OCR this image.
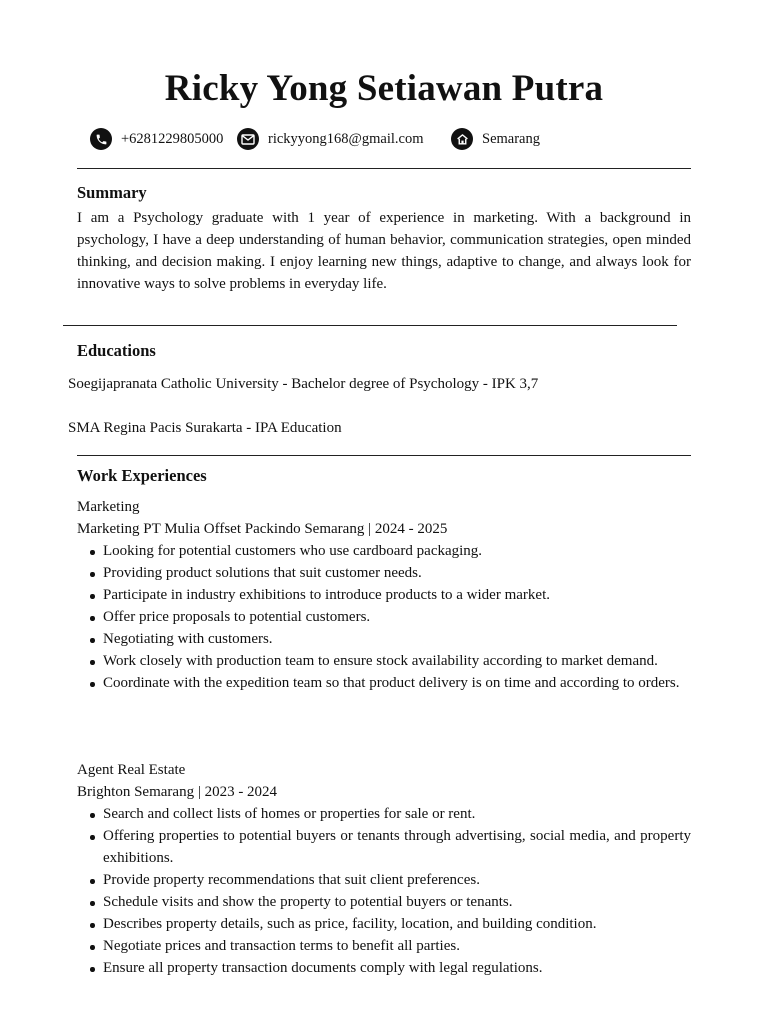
Ricky Yong Setiawan Putra
+6281229805000	rickyyong168@gmail.com	Semarang
Summary
I am a Psychology graduate with 1 year of experience in marketing. With a background in psychology, I have a deep understanding of human behavior, communication strategies, open minded thinking, and decision making. I enjoy learning new things, adaptive to change, and always look for innovative ways to solve problems in everyday life.
Educations
Soegijapranata Catholic University - Bachelor degree of Psychology - IPK 3,7
SMA Regina Pacis Surakarta - IPA Education
Work Experiences
Marketing
Marketing PT Mulia Offset Packindo Semarang | 2024 - 2025
Looking for potential customers who use cardboard packaging.
Providing product solutions that suit customer needs.
Participate in industry exhibitions to introduce products to a wider market.
Offer price proposals to potential customers.
Negotiating with customers.
Work closely with production team to ensure stock availability according to market demand.
Coordinate with the expedition team so that product delivery is on time and according to orders.
Agent Real Estate
Brighton Semarang | 2023 - 2024
Search and collect lists of homes or properties for sale or rent.
Offering properties to potential buyers or tenants through advertising, social media, and property exhibitions.
Provide property recommendations that suit client preferences.
Schedule visits and show the property to potential buyers or tenants.
Describes property details, such as price, facility, location, and building condition.
Negotiate prices and transaction terms to benefit all parties.
Ensure all property transaction documents comply with legal regulations.
